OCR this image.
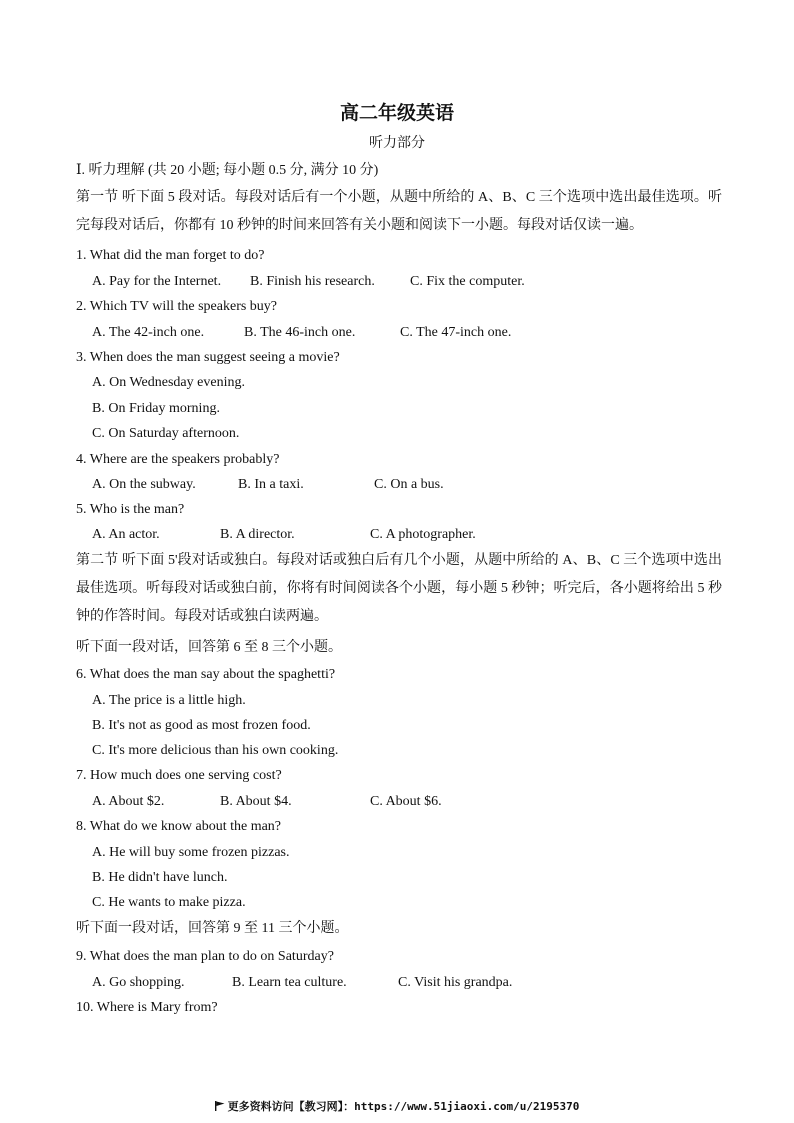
高二年级英语
听力部分
Ⅰ. 听力理解 (共 20 小题; 每小题 0.5 分, 满分 10 分)
第一节 听下面 5 段对话。每段对话后有一个小题，从题中所给的 A、B、C 三个选项中选出最佳选项。听完每段对话后，你都有 10 秒钟的时间来回答有关小题和阅读下一小题。每段对话仅读一遍。
1. What did the man forget to do?
A. Pay for the Internet. B. Finish his research.	C. Fix the computer.
2. Which TV will the speakers buy?
A. The 42-inch one.	B. The 46-inch one.	C. The 47-inch one.
3. When does the man suggest seeing a movie?
A. On Wednesday evening.
B. On Friday morning.
C. On Saturday afternoon.
4. Where are the speakers probably?
A. On the subway.	B. In a taxi.	C. On a bus.
5. Who is the man?
A. An actor.	B. A director.	C. A photographer.
第二节 听下面 5'段对话或独白。每段对话或独白后有几个小题，从题中所给的 A、B、C 三个选项中选出最佳选项。听每段对话或独白前，你将有时间阅读各个小题，每小题 5 秒钟；听完后，各小题将给出 5 秒钟的作答时间。每段对话或独白读两遍。
听下面一段对话，回答第 6 至 8 三个小题。
6. What does the man say about the spaghetti?
A. The price is a little high.
B. It's not as good as most frozen food.
C. It's more delicious than his own cooking.
7. How much does one serving cost?
A. About $2.	B. About $4.	C. About $6.
8. What do we know about the man?
A. He will buy some frozen pizzas.
B. He didn't have lunch.
C. He wants to make pizza.
听下面一段对话，回答第 9 至 11 三个小题。
9. What does the man plan to do on Saturday?
A. Go shopping.	B. Learn tea culture.	C. Visit his grandpa.
10. Where is Mary from?
更多资料访问【教习网】：https://www.51jiaoxi.com/u/2195370
